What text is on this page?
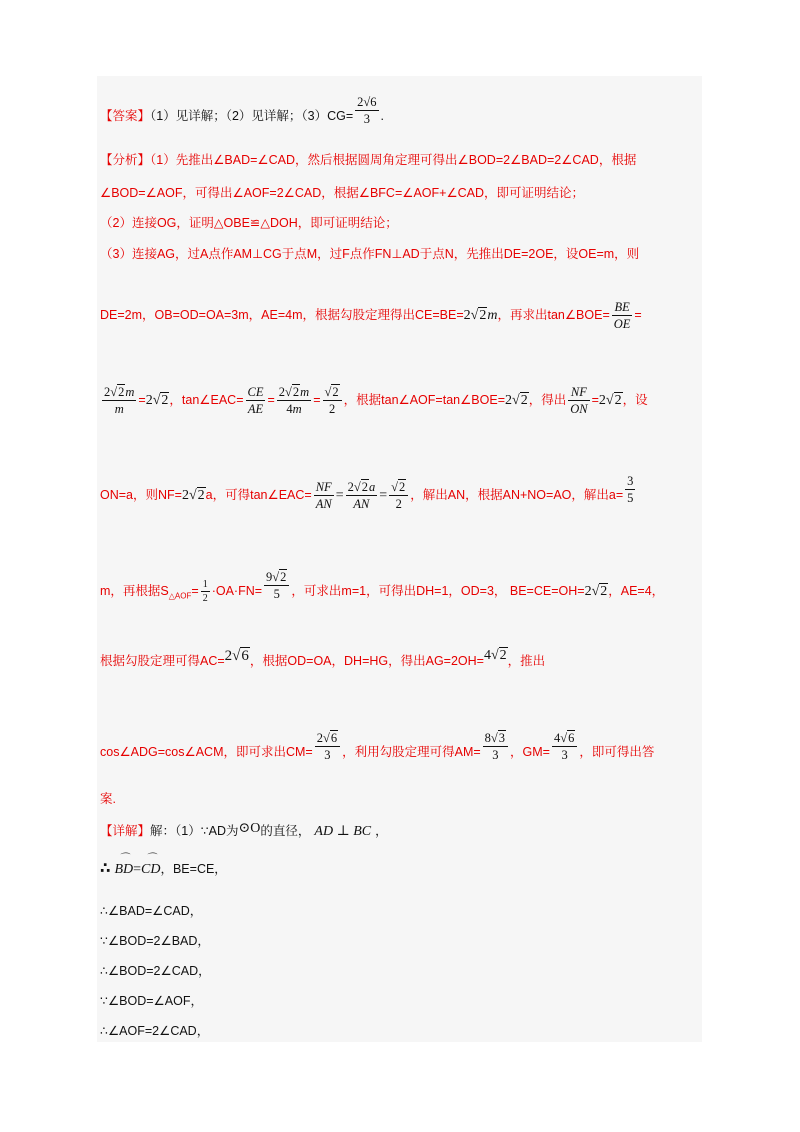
【答案】（1）见详解；（2）见详解；$(3)CG= \frac{2√6}{3}$ .
【分析】（1）先推出∠BAD=∠CAD，然后根据圆周角定理可得出∠BOD=2∠BAD=2∠CAD，根据
∠BOD=∠AOF，可得出∠AOF=2∠CAD，根据∠BFC=∠AOF+∠CAD，即可证明结论；
（2）连接OG，证明△OBE≌△DOH，即可证明结论；
（3）连接AG，过A点作AM⊥CG于点M，过F点作FN⊥AD于点N，先推出DE=2OE，设OE=m，则
DE=2m，OB=OD=OA=3m，AE=4m，根据勾股定理得出CE=BE=2√2m，再求出tan∠BOE= $\frac{BE}{OE}$ =
$\frac{2√2m}{m} =2√2$，tan∠EAC= $\frac{CE}{AE} = \frac{2√2m}{4m} = \frac{√2}{2}$ ，根据tan∠AOF=tan∠BOE=2√2，得出 $\frac{NF}{ON} =2√2$，设
ON=a，则NF=2√2a，可得tan∠EAC= $\frac{NF}{AN} = \frac{2√2a}{AN} = \frac{√2}{2}$ ，解出AN，根据AN+NO=AO，解出$a= \frac{3}{5}$
m，再根据$S_{\triangle AOF}= \frac{1}{2} \cdot OA\cdot FN= \frac{9√2}{5}$ ，可求出m=1，可得出DH=1，OD=3， BE=CE=OH=2√2，AE=4，
根据勾股定理可得AC=2√6，根据OD=OA，DH=HG，得出AG=2OH=4√2，推出
cos∠ADG=cos∠ACM，即可求出$CM= \frac{2√6}{3}$ ，利用勾股定理可得$AM= \frac{8√3}{3}$ ，$GM= \frac{4√6}{3}$ ，即可得出答
案.
【详解】解：（1）∵AD为⊙O的直径， AD ⊥ BC ，
∴
⌒
BD=
⌒
CD，BE=CE，
∴∠BAD=∠CAD，
∵∠BOD=2∠BAD，
∴∠BOD=2∠CAD，
∵∠BOD=∠AOF，
∴∠AOF=2∠CAD，
